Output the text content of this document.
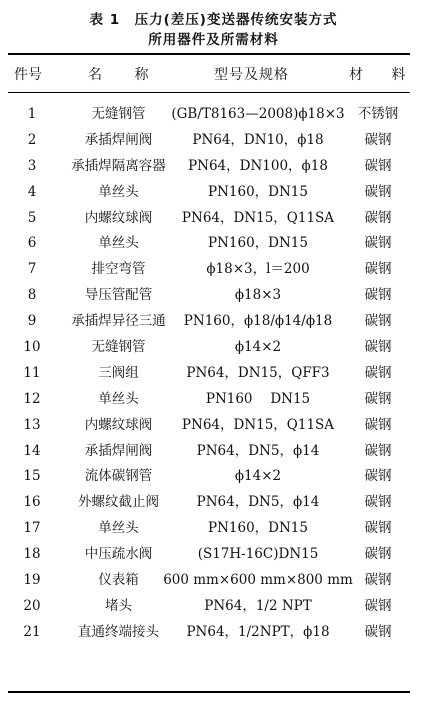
表 1　压力(差压)变送器传统安装方式
所用器件及所需材料
件号	名 称	型号及规格	材 料
1	无缝钢管	(GB/T8163—2008)ϕ18×3 不锈钢
2	承插焊闸阀	PN64，DN10，ϕ18	碳钢
3	承插焊隔离容器	PN64，DN100，ϕ18	碳钢
4	单丝头	PN160，DN15	碳钢
5	内螺纹球阀	PN64，DN15，Q11SA	碳钢
6	单丝头	PN160，DN15	碳钢
7	排空弯管	ϕ18×3，l＝200	碳钢
8	导压管配管	ϕ18×3	碳钢
9	承插焊异径三通	PN160，ϕ18/ϕ14/ϕ18	碳钢
10	无缝钢管	ϕ14×2	碳钢
11	三阀组	PN64，DN15，QFF3	碳钢
12	单丝头	PN160　 DN15	碳钢
13	内螺纹球阀	PN64，DN15，Q11SA	碳钢
14	承插焊闸阀	PN64，DN5，ϕ14	碳钢
15	流体碳钢管	ϕ14×2	碳钢
16	外螺纹截止阀	PN64，DN5，ϕ14	碳钢
17	单丝头	PN160，DN15	碳钢
18	中压疏水阀	(S17H-16C)DN15	碳钢
19	仪表箱	600 mm×600 mm×800 mm 碳钢
20	堵头	PN64，1/2 NPT	碳钢
21	直通终端接头	PN64，1/2NPT，ϕ18	碳钢
